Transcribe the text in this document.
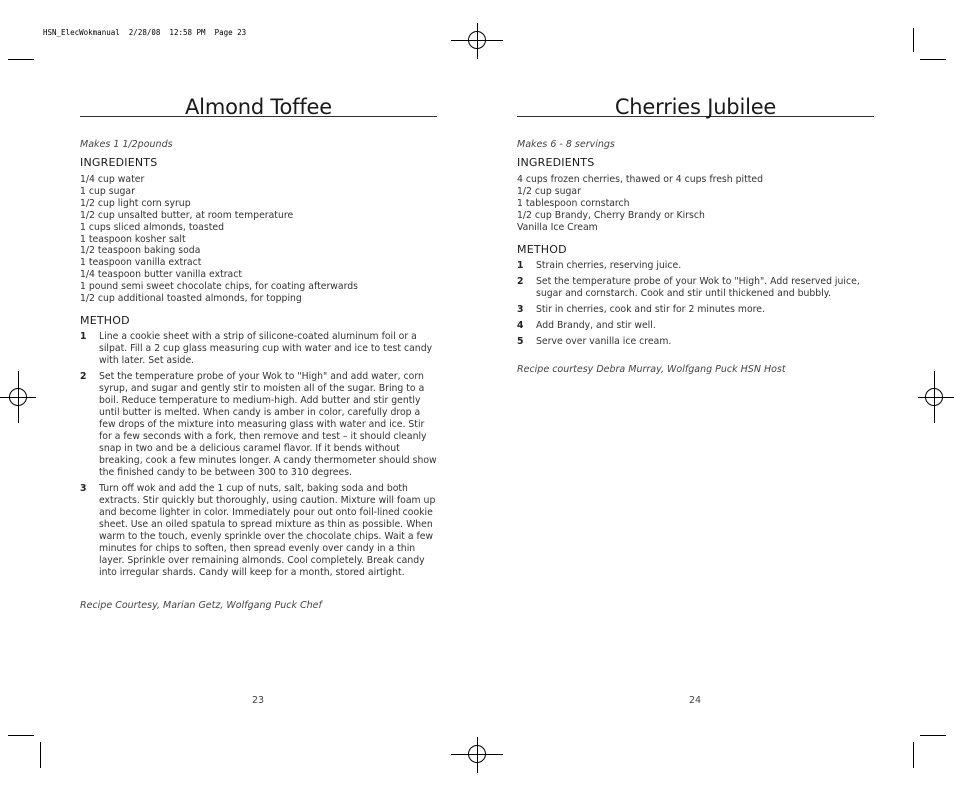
HSN_ElecWokmanual  2/28/08  12:58 PM  Page 23
Almond Toffee
Makes 1 1/2pounds
INGREDIENTS
1/4 cup water
1 cup sugar
1/2 cup light corn syrup
1/2 cup unsalted butter, at room temperature
1 cups sliced almonds, toasted
1 teaspoon kosher salt
1/2 teaspoon baking soda
1 teaspoon vanilla extract
1/4 teaspoon butter vanilla extract
1 pound semi sweet chocolate chips, for coating afterwards
1/2 cup additional toasted almonds, for topping
METHOD
1	Line a cookie sheet with a strip of silicone-coated aluminum foil or a silpat. Fill a 2 cup glass measuring cup with water and ice to test candy with later. Set aside.
2	Set the temperature probe of your Wok to "High" and add water, corn syrup, and sugar and gently stir to moisten all of the sugar. Bring to a boil. Reduce temperature to medium-high. Add butter and stir gently until butter is melted. When candy is amber in color, carefully drop a few drops of the mixture into measuring glass with water and ice. Stir for a few seconds with a fork, then remove and test – it should cleanly snap in two and be a delicious caramel flavor. If it bends without breaking, cook a few minutes longer. A candy thermometer should show the finished candy to be between 300 to 310 degrees.
3	Turn off wok and add the 1 cup of nuts, salt, baking soda and both extracts. Stir quickly but thoroughly, using caution. Mixture will foam up and become lighter in color. Immediately pour out onto foil-lined cookie sheet. Use an oiled spatula to spread mixture as thin as possible. When warm to the touch, evenly sprinkle over the chocolate chips. Wait a few minutes for chips to soften, then spread evenly over candy in a thin layer. Sprinkle over remaining almonds. Cool completely. Break candy into irregular shards. Candy will keep for a month, stored airtight.
Recipe Courtesy, Marian Getz, Wolfgang Puck Chef
23
Cherries Jubilee
Makes 6 - 8 servings
INGREDIENTS
4 cups frozen cherries, thawed or 4 cups fresh pitted
1/2 cup sugar
1 tablespoon cornstarch
1/2 cup Brandy, Cherry Brandy or Kirsch
Vanilla Ice Cream
METHOD
1	Strain cherries, reserving juice.
2	Set the temperature probe of your Wok to "High". Add reserved juice, sugar and cornstarch. Cook and stir until thickened and bubbly.
3	Stir in cherries, cook and stir for 2 minutes more.
4	Add Brandy, and stir well.
5	Serve over vanilla ice cream.
Recipe courtesy Debra Murray, Wolfgang Puck HSN Host
24
